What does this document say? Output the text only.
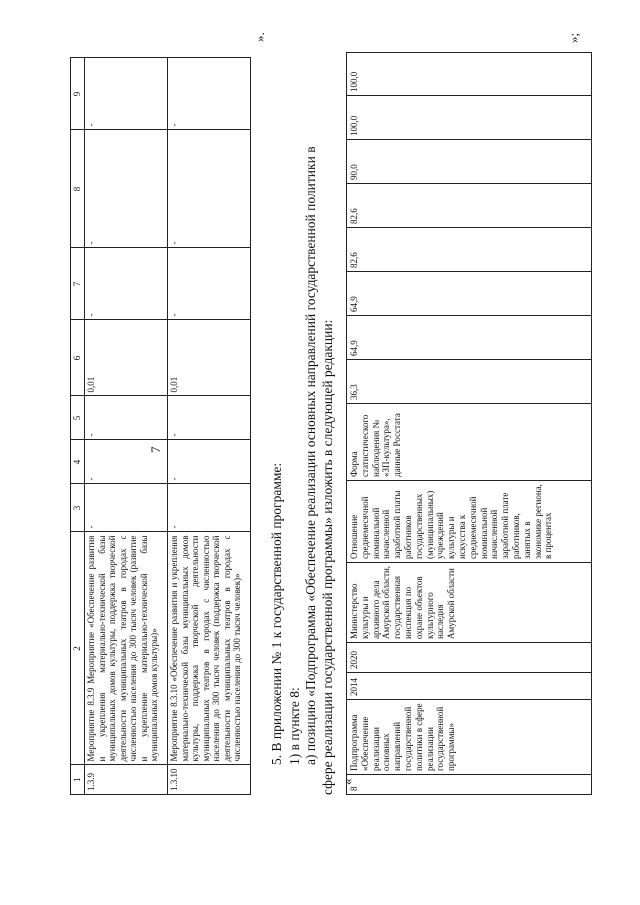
7
1	2	3	4	5	6	7	8	9
1.3.9	Мероприятие 8.3.9 Мероприятие «Обеспечение развития и укрепления материально-технической базы муниципальных домов культуры, поддержка творческой деятельности муниципальных театров в городах с численностью населения до 300 тысяч человек (развитие и укрепление материально-технической базы муниципальных домов культуры)»	-	-	-	0,01	-	-	-
1.3.10	Мероприятие 8.3.10 «Обеспечение развития и укрепления материально-технической базы муниципальных домов культуры, поддержка творческой деятельности муниципальных театров в городах с численностью населения до 300 тысяч человек (поддержка творческой деятельности муниципальных театров в городах с численностью населения до 300 тысяч человек)»	-	-	-	0,01	-	-	-
».
5. В приложении № 1 к государственной программе: 1) в пункте 8: а) позицию «Подпрограмма «Обеспечение реализации основных направлений государственной политики в сфере реализации государственной программы» изложить в следующей редакции: «
8	Подпрограмма «Обеспечение реализации основных направлений государственной политики в сфере реализации государственной программы»	2014	2020	Министерство культуры и архивного дела Амурской области, государственная инспекция по охране объектов культурного наследия Амурской области	Отношение среднемесячной номинальной начисленной заработной платы работников государственных (муниципальных) учреждений культуры и искусства к среднемесячной номинальной начисленной заработной плате работников, занятых в экономике региона, в процентах	Форма статистического наблюдения № «ЗП-культура», данные Росстата	36,3	64,9	64,9	82,6	82,6	90,0	100,0	100,0
»;
